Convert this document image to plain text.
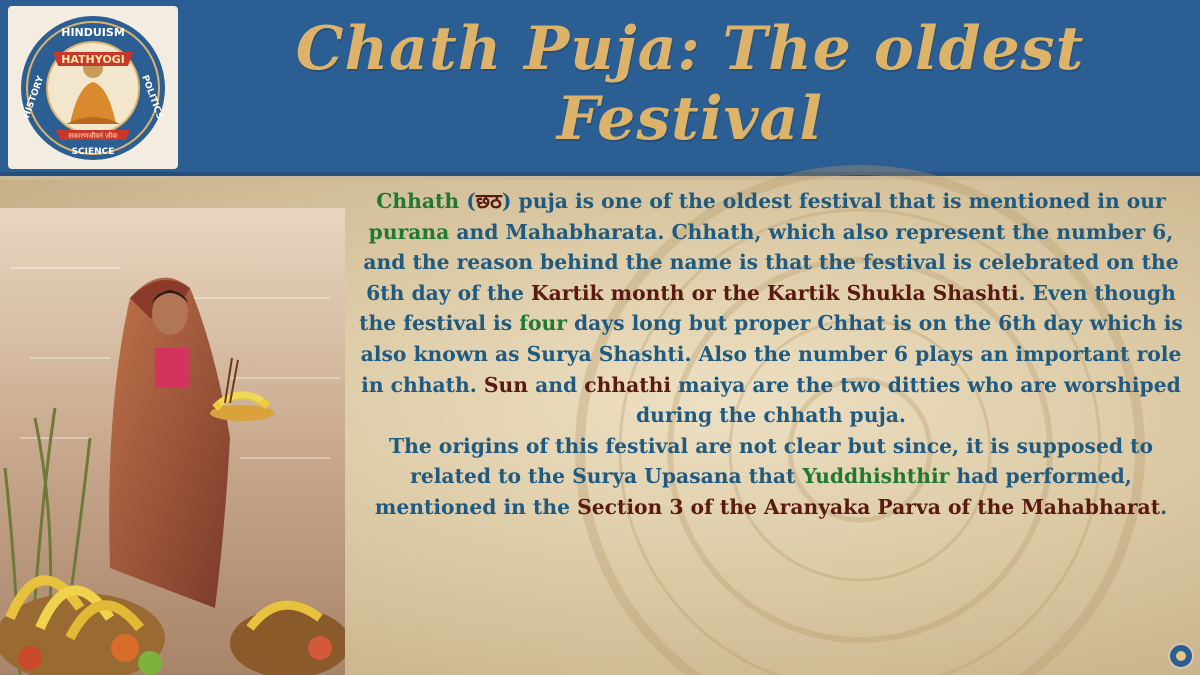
HATHYOGI
HINDUISM
HISTORY	POLITICS
सकारणजीवनं जीवः
SCIENCE
Chath Puja: The oldest Festival

Chhath (छठ) puja is one of the oldest festival that is mentioned in our purana and Mahabharata. Chhath, which also represent the number 6, and the reason behind the name is that the festival is celebrated on the 6th day of the Kartik month or the Kartik Shukla Shashti. Even though the festival is four days long but proper Chhat is on the 6th day which is also known as Surya Shashti. Also the number 6 plays an important role in chhath. Sun and chhathi maiya are the two ditties who are worshiped during the chhath puja.
The origins of this festival are not clear but since, it is supposed to related to the Surya Upasana that Yuddhishthir had performed, mentioned in the Section 3 of the Aranyaka Parva of the Mahabharat.
